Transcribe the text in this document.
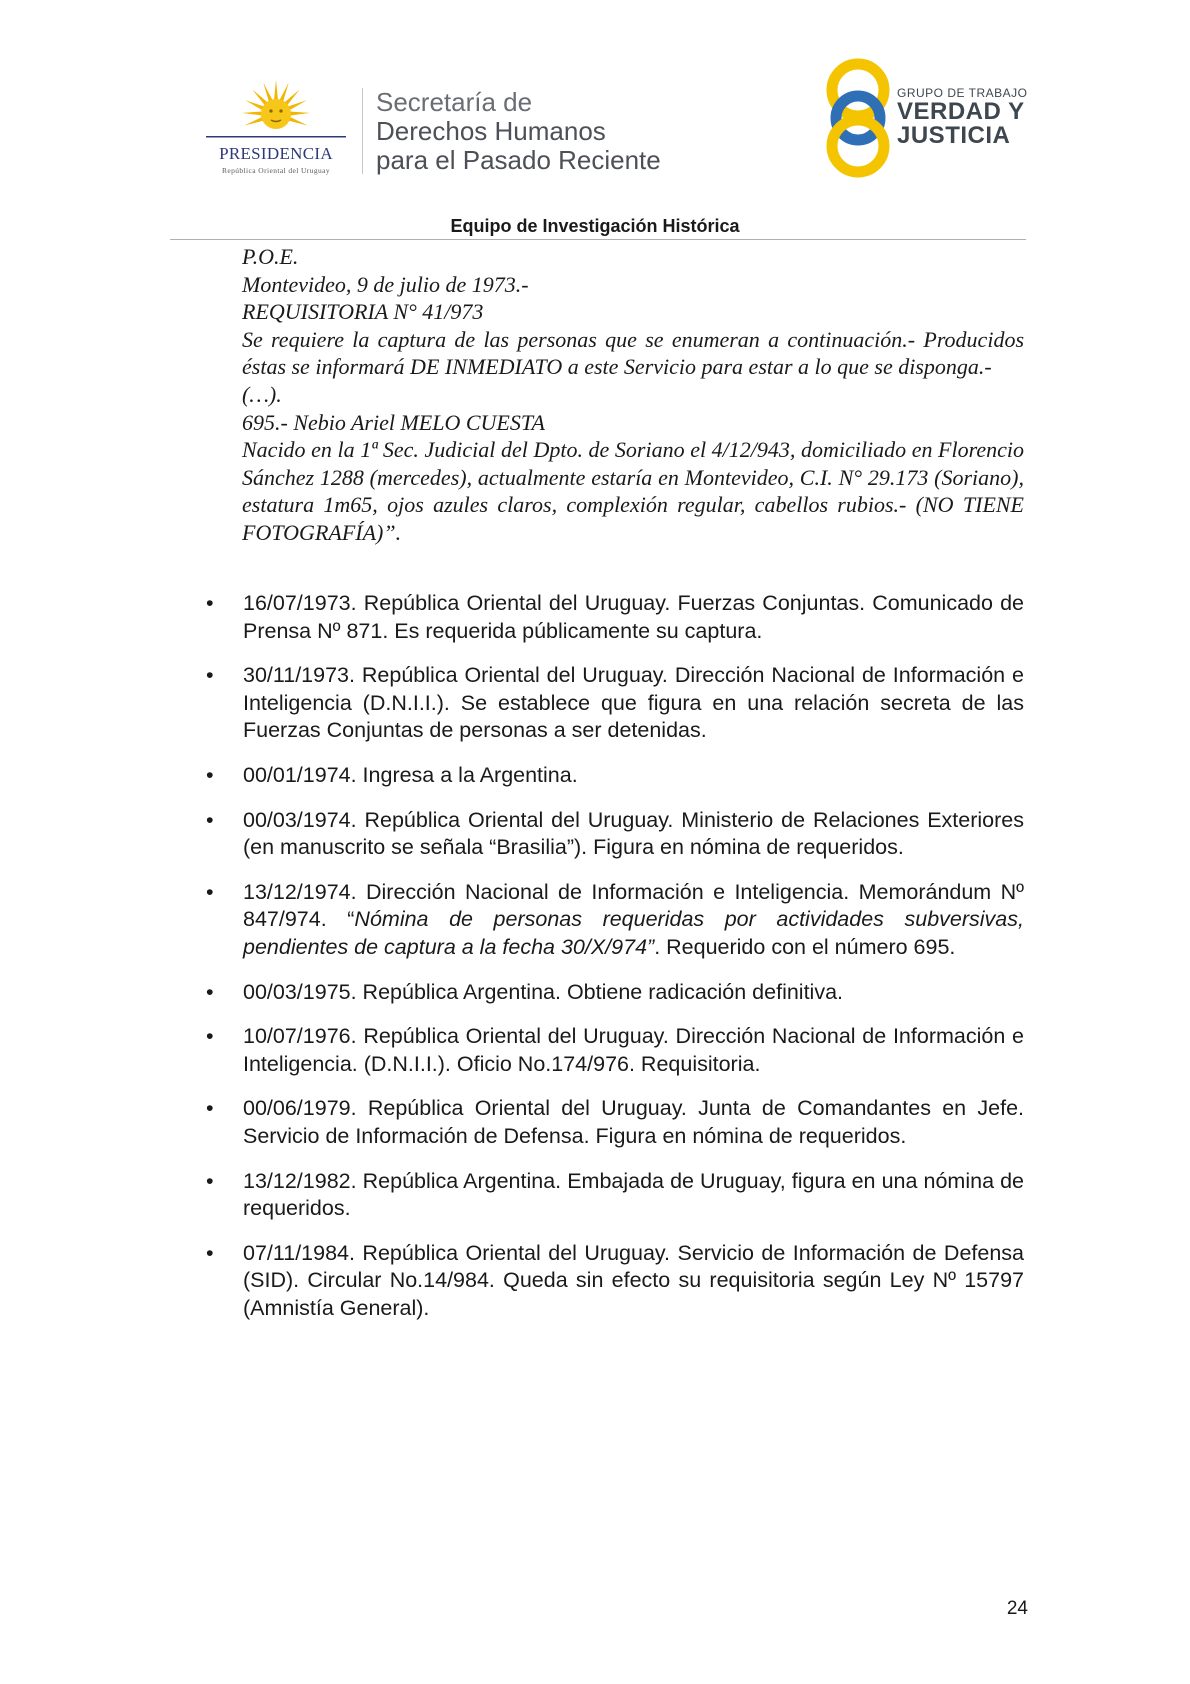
PRESIDENCIA
República Oriental del Uruguay
Secretaría de
Derechos Humanos
para el Pasado Reciente
GRUPO DE TRABAJO
VERDAD Y
JUSTICIA
Equipo de Investigación Histórica
P.O.E.
Montevideo, 9 de julio de 1973.-
REQUISITORIA N° 41/973
Se requiere la captura de las personas que se enumeran a continuación.- Producidos éstas se informará DE INMEDIATO a este Servicio para estar a lo que se disponga.-
(…).
695.- Nebio Ariel MELO CUESTA
Nacido en la 1ª Sec. Judicial del Dpto. de Soriano el 4/12/943, domiciliado en Florencio Sánchez 1288 (mercedes), actualmente estaría en Montevideo, C.I. N° 29.173 (Soriano), estatura 1m65, ojos azules claros, complexión regular, cabellos rubios.- (NO TIENE FOTOGRAFÍA)”.
• 16/07/1973. República Oriental del Uruguay. Fuerzas Conjuntas. Comunicado de Prensa Nº 871. Es requerida públicamente su captura.
• 30/11/1973. República Oriental del Uruguay. Dirección Nacional de Información e Inteligencia (D.N.I.I.). Se establece que figura en una relación secreta de las Fuerzas Conjuntas de personas a ser detenidas.
• 00/01/1974. Ingresa a la Argentina.
• 00/03/1974. República Oriental del Uruguay. Ministerio de Relaciones Exteriores (en manuscrito se señala “Brasilia”). Figura en nómina de requeridos.
• 13/12/1974. Dirección Nacional de Información e Inteligencia. Memorándum Nº 847/974. “Nómina de personas requeridas por actividades subversivas, pendientes de captura a la fecha 30/X/974”. Requerido con el número 695.
• 00/03/1975. República Argentina. Obtiene radicación definitiva.
• 10/07/1976. República Oriental del Uruguay. Dirección Nacional de Información e Inteligencia. (D.N.I.I.). Oficio No.174/976. Requisitoria.
• 00/06/1979. República Oriental del Uruguay. Junta de Comandantes en Jefe. Servicio de Información de Defensa. Figura en nómina de requeridos.
• 13/12/1982. República Argentina. Embajada de Uruguay, figura en una nómina de requeridos.
• 07/11/1984. República Oriental del Uruguay. Servicio de Información de Defensa (SID). Circular No.14/984. Queda sin efecto su requisitoria según Ley Nº 15797 (Amnistía General).
24
